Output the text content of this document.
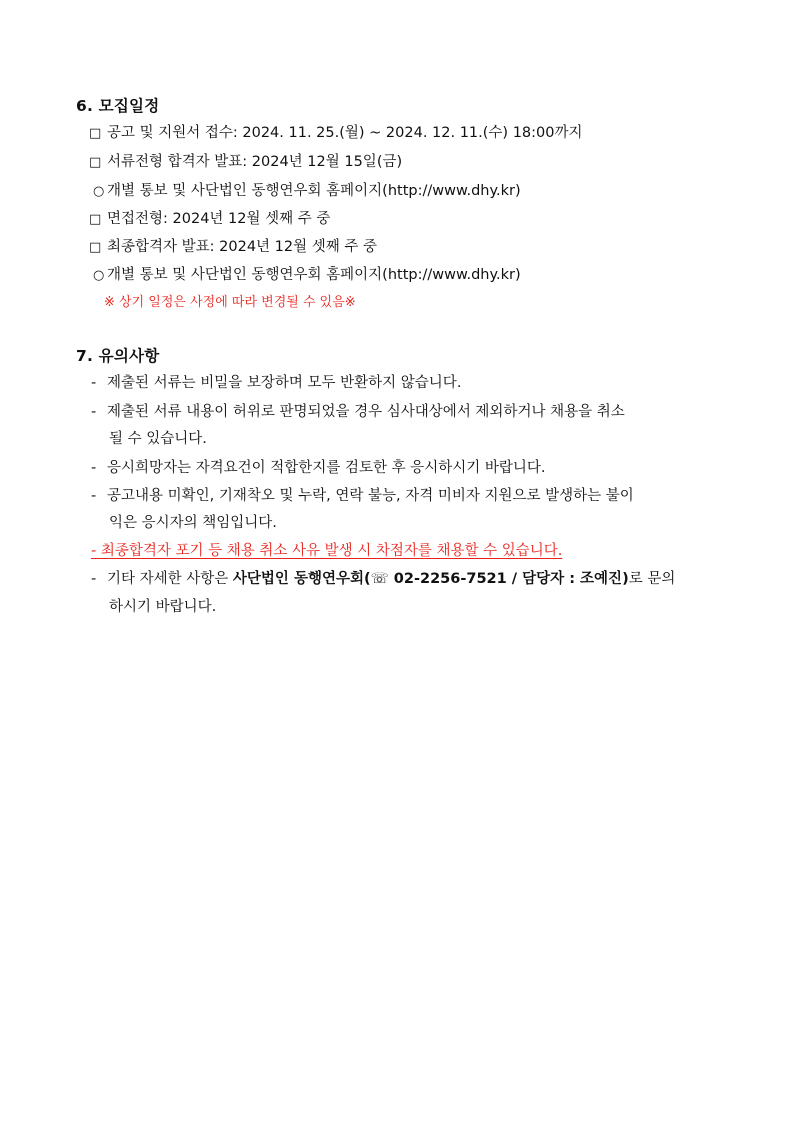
6. 모집일정
□ 공고 및 지원서 접수: 2024. 11. 25.(월) ~ 2024. 12. 11.(수) 18:00까지
□ 서류전형 합격자 발표: 2024년 12월 15일(금)
○ 개별 통보 및 사단법인 동행연우회 홈페이지(http://www.dhy.kr)
□ 면접전형: 2024년 12월 셋째 주 중
□ 최종합격자 발표: 2024년 12월 셋째 주 중
○ 개별 통보 및 사단법인 동행연우회 홈페이지(http://www.dhy.kr)
※ 상기 일정은 사정에 따라 변경될 수 있음※
7. 유의사항
- 제출된 서류는 비밀을 보장하며 모두 반환하지 않습니다.
- 제출된 서류 내용이 허위로 판명되었을 경우 심사대상에서 제외하거나 채용을 취소
될 수 있습니다.
- 응시희망자는 자격요건이 적합한지를 검토한 후 응시하시기 바랍니다.
- 공고내용 미확인, 기재착오 및 누락, 연락 불능, 자격 미비자 지원으로 발생하는 불이
익은 응시자의 책임입니다.
- 최종합격자 포기 등 채용 취소 사유 발생 시 차점자를 채용할 수 있습니다.
- 기타 자세한 사항은 사단법인 동행연우회(☏ 02-2256-7521 / 담당자 : 조예진)로 문의
하시기 바랍니다.
